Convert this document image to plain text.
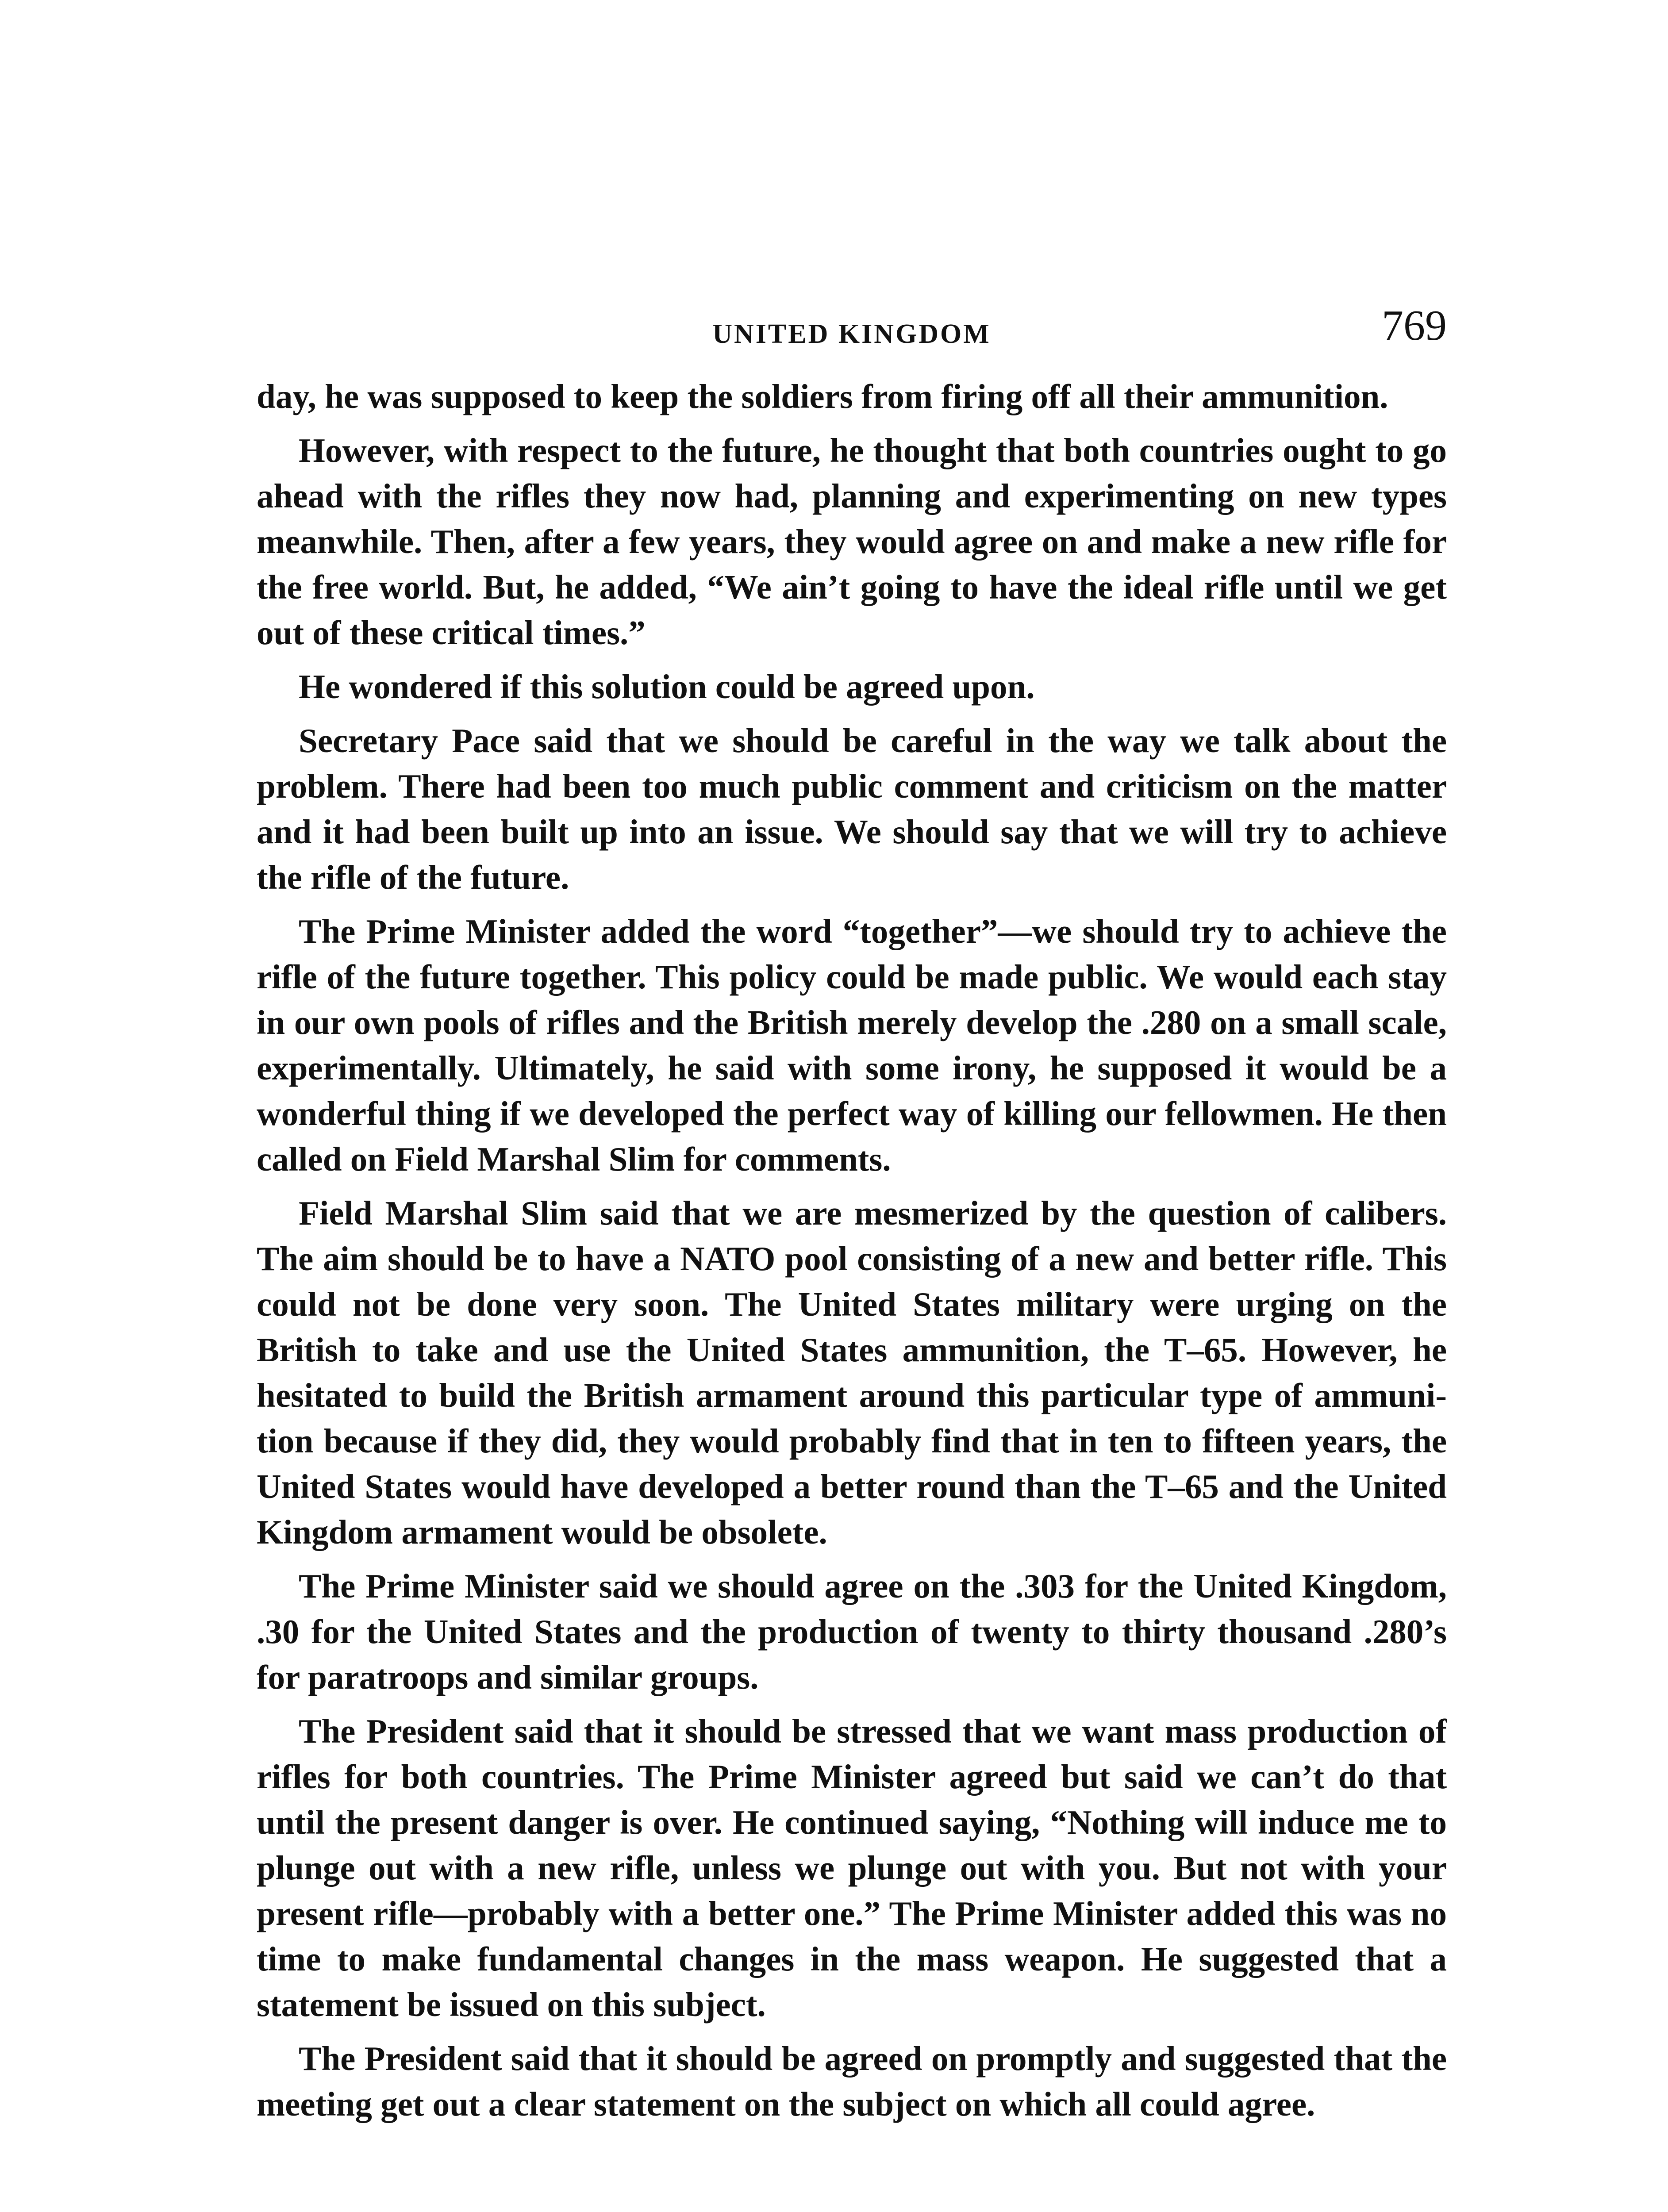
UNITED KINGDOM	769

day, he was supposed to keep the soldiers from firing off all their ammunition.

However, with respect to the future, he thought that both countries ought to go ahead with the rifles they now had, planning and experimenting on new types meanwhile. Then, after a few years, they would agree on and make a new rifle for the free world. But, he added, “We ain’t going to have the ideal rifle until we get out of these critical times.”

He wondered if this solution could be agreed upon.

Secretary Pace said that we should be careful in the way we talk about the problem. There had been too much public comment and criticism on the matter and it had been built up into an issue. We should say that we will try to achieve the rifle of the future.

The Prime Minister added the word “together”—we should try to achieve the rifle of the future together. This policy could be made public. We would each stay in our own pools of rifles and the British merely develop the .280 on a small scale, experimentally. Ultimately, he said with some irony, he supposed it would be a wonderful thing if we developed the perfect way of killing our fellowmen. He then called on Field Marshal Slim for comments.

Field Marshal Slim said that we are mesmerized by the question of calibers. The aim should be to have a NATO pool consisting of a new and better rifle. This could not be done very soon. The United States military were urging on the British to take and use the United States ammunition, the T–65. However, he hesitated to build the British armament around this particular type of ammunition because if they did, they would probably find that in ten to fifteen years, the United States would have developed a better round than the T–65 and the United Kingdom armament would be obsolete.

The Prime Minister said we should agree on the .303 for the United Kingdom, .30 for the United States and the production of twenty to thirty thousand .280’s for paratroops and similar groups.

The President said that it should be stressed that we want mass production of rifles for both countries. The Prime Minister agreed but said we can’t do that until the present danger is over. He continued saying, “Nothing will induce me to plunge out with a new rifle, unless we plunge out with you. But not with your present rifle—probably with a better one.” The Prime Minister added this was no time to make fundamental changes in the mass weapon. He suggested that a statement be issued on this subject.

The President said that it should be agreed on promptly and suggested that the meeting get out a clear statement on the subject on which all could agree.
